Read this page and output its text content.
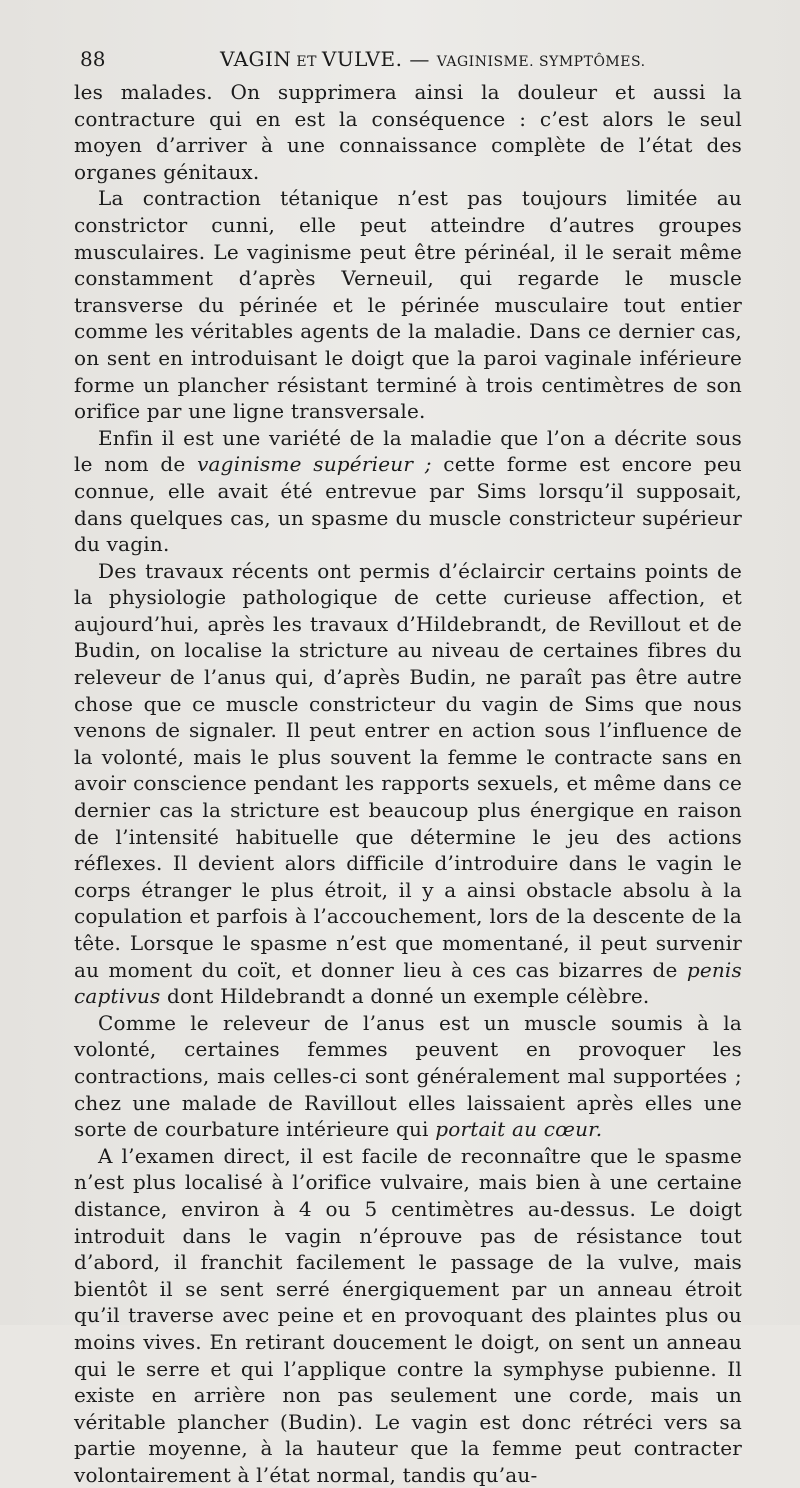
88	VAGIN ET VULVE. — VAGINISME. SYMPTÔMES.

les malades. On supprimera ainsi la douleur et aussi la contracture qui en est la conséquence : c’est alors le seul moyen d’arriver à une connaissance complète de l’état des organes génitaux.

La contraction tétanique n’est pas toujours limitée au constrictor cunni, elle peut atteindre d’autres groupes musculaires. Le vaginisme peut être périnéal, il le serait même constamment d’après Verneuil, qui regarde le muscle transverse du périnée et le périnée musculaire tout entier comme les véritables agents de la maladie. Dans ce dernier cas, on sent en introduisant le doigt que la paroi vaginale inférieure forme un plancher résistant terminé à trois centimètres de son orifice par une ligne transversale.

Enfin il est une variété de la maladie que l’on a décrite sous le nom de vaginisme supérieur ; cette forme est encore peu connue, elle avait été entrevue par Sims lorsqu’il supposait, dans quelques cas, un spasme du muscle constricteur supérieur du vagin.

Des travaux récents ont permis d’éclaircir certains points de la physiologie pathologique de cette curieuse affection, et aujourd’hui, après les travaux d’Hildebrandt, de Revillout et de Budin, on localise la stricture au niveau de certaines fibres du releveur de l’anus qui, d’après Budin, ne paraît pas être autre chose que ce muscle constricteur du vagin de Sims que nous venons de signaler. Il peut entrer en action sous l’influence de la volonté, mais le plus souvent la femme le contracte sans en avoir conscience pendant les rapports sexuels, et même dans ce dernier cas la stricture est beaucoup plus énergique en raison de l’intensité habituelle que détermine le jeu des actions réflexes. Il devient alors difficile d’introduire dans le vagin le corps étranger le plus étroit, il y a ainsi obstacle absolu à la copulation et parfois à l’accouchement, lors de la descente de la tête. Lorsque le spasme n’est que momentané, il peut survenir au moment du coït, et donner lieu à ces cas bizarres de penis captivus dont Hildebrandt a donné un exemple célèbre.

Comme le releveur de l’anus est un muscle soumis à la volonté, certaines femmes peuvent en provoquer les contractions, mais celles-ci sont généralement mal supportées ; chez une malade de Ravillout elles laissaient après elles une sorte de courbature intérieure qui portait au cœur.

A l’examen direct, il est facile de reconnaître que le spasme n’est plus localisé à l’orifice vulvaire, mais bien à une certaine distance, environ à 4 ou 5 centimètres au-dessus. Le doigt introduit dans le vagin n’éprouve pas de résistance tout d’abord, il franchit facilement le passage de la vulve, mais bientôt il se sent serré énergiquement par un anneau étroit qu’il traverse avec peine et en provoquant des plaintes plus ou moins vives. En retirant doucement le doigt, on sent un anneau qui le serre et qui l’applique contre la symphyse pubienne. Il existe en arrière non pas seulement une corde, mais un véritable plancher (Budin). Le vagin est donc rétréci vers sa partie moyenne, à la hauteur que la femme peut contracter volontairement à l’état normal, tandis qu’au-
